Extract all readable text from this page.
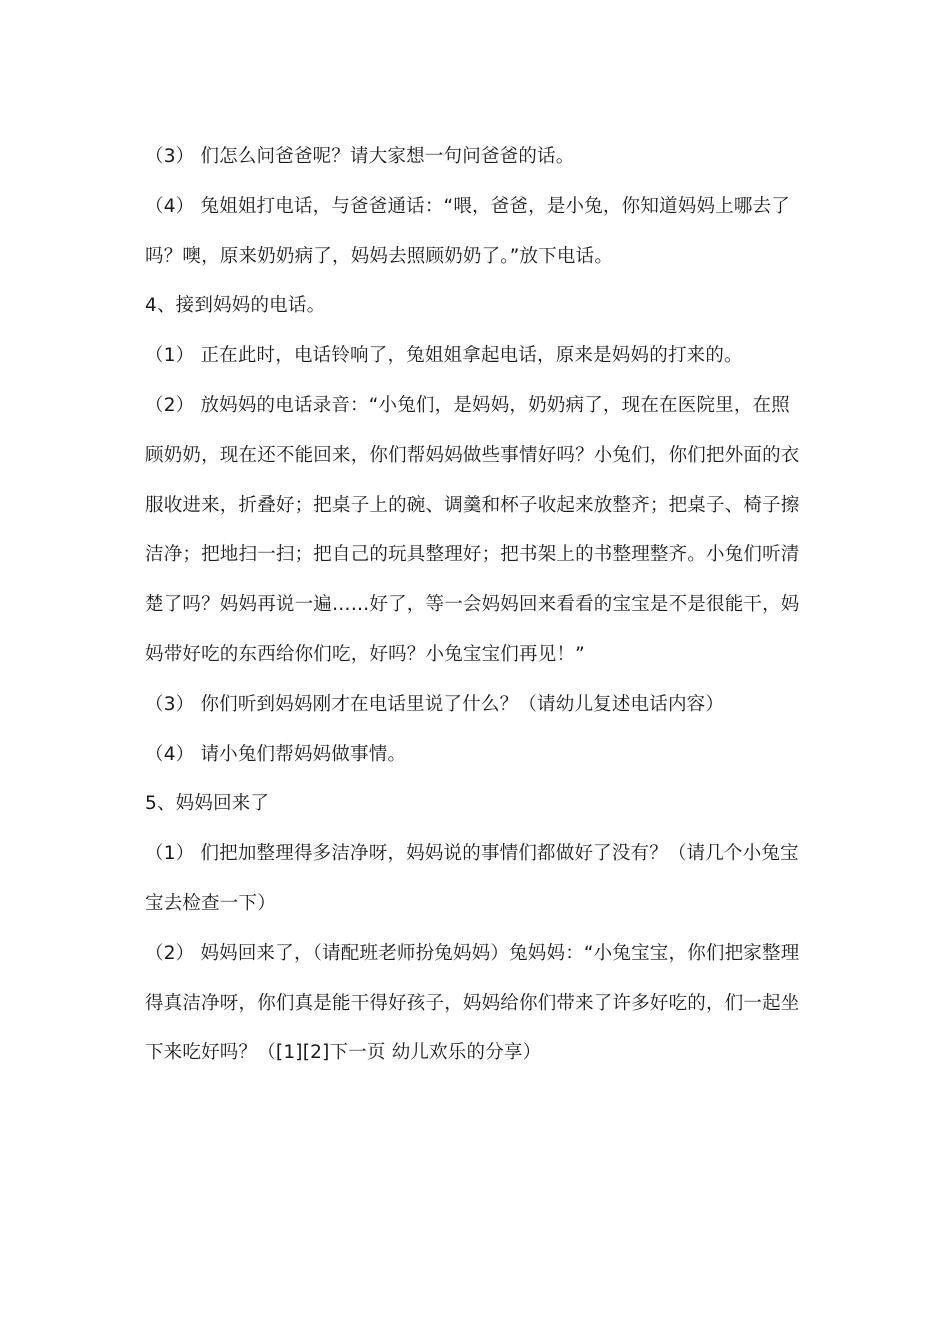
（3） 们怎么问爸爸呢？请大家想一句问爸爸的话。

（4） 兔姐姐打电话，与爸爸通话：“喂，爸爸，是小兔，你知道妈妈上哪去了吗？噢，原来奶奶病了，妈妈去照顾奶奶了。”放下电话。

4、接到妈妈的电话。

（1） 正在此时，电话铃响了，兔姐姐拿起电话，原来是妈妈的打来的。

（2） 放妈妈的电话录音：“小兔们，是妈妈，奶奶病了，现在在医院里，在照顾奶奶，现在还不能回来，你们帮妈妈做些事情好吗？小兔们，你们把外面的衣服收进来，折叠好；把桌子上的碗、调羹和杯子收起来放整齐；把桌子、椅子擦洁净；把地扫一扫；把自己的玩具整理好；把书架上的书整理整齐。小兔们听清楚了吗？妈妈再说一遍……好了，等一会妈妈回来看看的宝宝是不是很能干，妈妈带好吃的东西给你们吃，好吗？小兔宝宝们再见！”

（3） 你们听到妈妈刚才在电话里说了什么？（请幼儿复述电话内容）

（4） 请小兔们帮妈妈做事情。

5、妈妈回来了

（1） 们把加整理得多洁净呀，妈妈说的事情们都做好了没有？（请几个小兔宝宝去检查一下）

（2） 妈妈回来了，（请配班老师扮兔妈妈）兔妈妈：“小兔宝宝，你们把家整理得真洁净呀，你们真是能干得好孩子，妈妈给你们带来了许多好吃的，们一起坐下来吃好吗？（[1][2]下一页 幼儿欢乐的分享）
